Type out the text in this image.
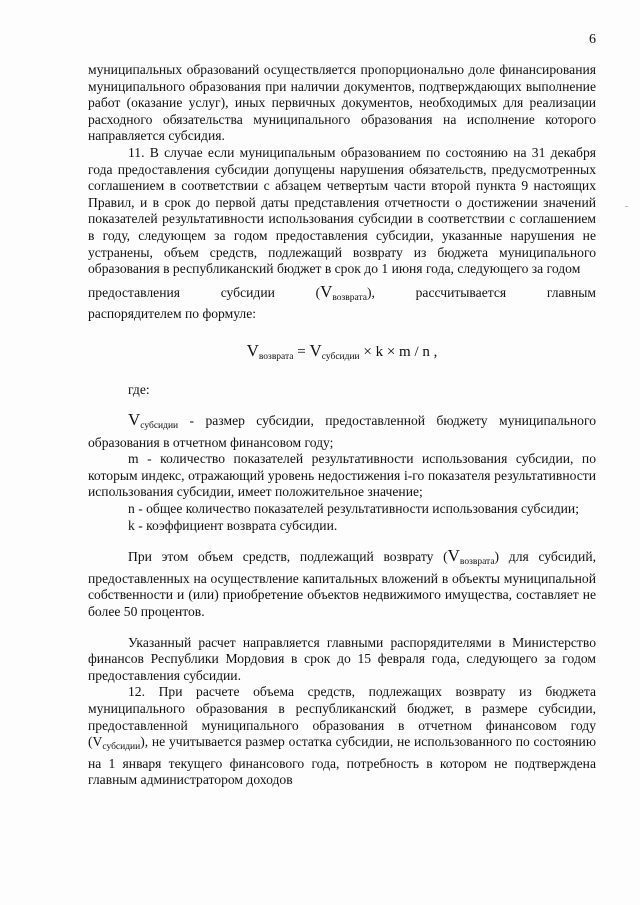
6

муниципальных образований осуществляется пропорционально доле финансирования муниципального образования при наличии документов, подтверждающих выполнение работ (оказание услуг), иных первичных документов, необходимых для реализации расходного обязательства муниципального образования на исполнение которого направляется субсидия.

11. В случае если муниципальным образованием по состоянию на 31 декабря года предоставления субсидии допущены нарушения обязательств, предусмотренных соглашением в соответствии с абзацем четвертым части второй пункта 9 настоящих Правил, и в срок до первой даты представления отчетности о достижении значений показателей результативности использования субсидии в соответствии с соглашением в году, следующем за годом предоставления субсидии, указанные нарушения не устранены, объем средств, подлежащий возврату из бюджета муниципального образования в республиканский бюджет в срок до 1 июня года, следующего за годом

предоставления	субсидии	$(V_{возврата})$,	рассчитывается	главным

распорядителем по формуле:

$V_{возврата} = V_{субсидии} \times k \times m / n$ ,

где:

$V_{субсидии}$ - размер субсидии, предоставленной бюджету муниципального образования в отчетном финансовом году;

m - количество показателей результативности использования субсидии, по которым индекс, отражающий уровень недостижения i-го показателя результативности использования субсидии, имеет положительное значение;

n - общее количество показателей результативности использования субсидии;

k - коэффициент возврата субсидии.

При этом объем средств, подлежащий возврату $(V_{возврата})$ для субсидий, предоставленных на осуществление капитальных вложений в объекты муниципальной собственности и (или) приобретение объектов недвижимого имущества, составляет не более 50 процентов.

Указанный расчет направляется главными распорядителями в Министерство финансов Республики Мордовия в срок до 15 февраля года, следующего за годом предоставления субсидии.

12. При расчете объема средств, подлежащих возврату из бюджета муниципального образования в республиканский бюджет, в размере субсидии, предоставленной муниципального образования в отчетном финансовом году $(V_{субсидии})$, не учитывается размер остатка субсидии, не использованного по состоянию на 1 января текущего финансового года, потребность в котором не подтверждена главным администратором доходов
